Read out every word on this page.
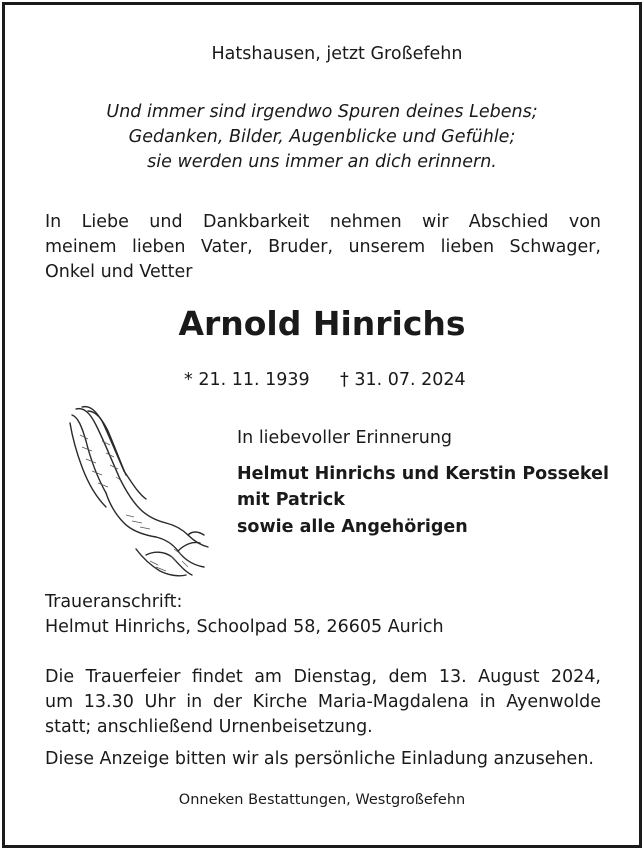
Hatshausen, jetzt Großefehn
Und immer sind irgendwo Spuren deines Lebens;
Gedanken, Bilder, Augenblicke und Gefühle;
sie werden uns immer an dich erinnern.
In Liebe und Dankbarkeit nehmen wir Abschied von
meinem lieben Vater, Bruder, unserem lieben Schwager,
Onkel und Vetter
Arnold Hinrichs
* 21. 11. 1939 † 31. 07. 2024
In liebevoller Erinnerung
Helmut Hinrichs und Kerstin Possekel
mit Patrick
sowie alle Angehörigen
Traueranschrift:
Helmut Hinrichs, Schoolpad 58, 26605 Aurich
Die Trauerfeier findet am Dienstag, dem 13. August 2024,
um 13.30 Uhr in der Kirche Maria-Magdalena in Ayenwolde
statt; anschließend Urnenbeisetzung.
Diese Anzeige bitten wir als persönliche Einladung anzusehen.
Onneken Bestattungen, Westgroßefehn
